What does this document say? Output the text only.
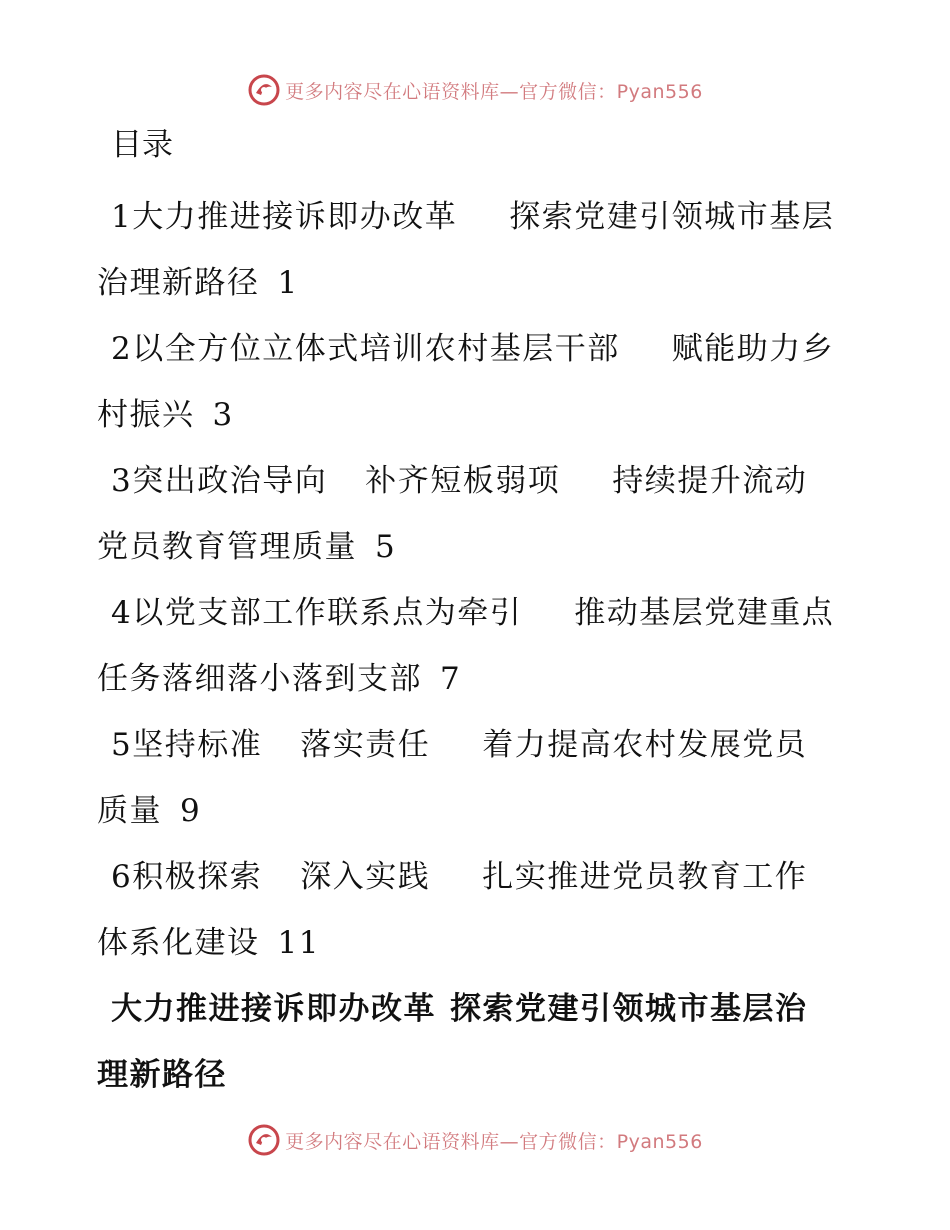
更多内容尽在心语资料库—官方微信：Pyan556
目录

1大力推进接诉即办改革 探索党建引领城市基层治理新路径 1

2以全方位立体式培训农村基层干部 赋能助力乡村振兴 3

3突出政治导向 补齐短板弱项 持续提升流动党员教育管理质量 5

4以党支部工作联系点为牵引 推动基层党建重点任务落细落小落到支部 7

5坚持标准 落实责任 着力提高农村发展党员质量 9

6积极探索 深入实践 扎实推进党员教育工作体系化建设 11

大力推进接诉即办改革 探索党建引领城市基层治理新路径
更多内容尽在心语资料库—官方微信：Pyan556
